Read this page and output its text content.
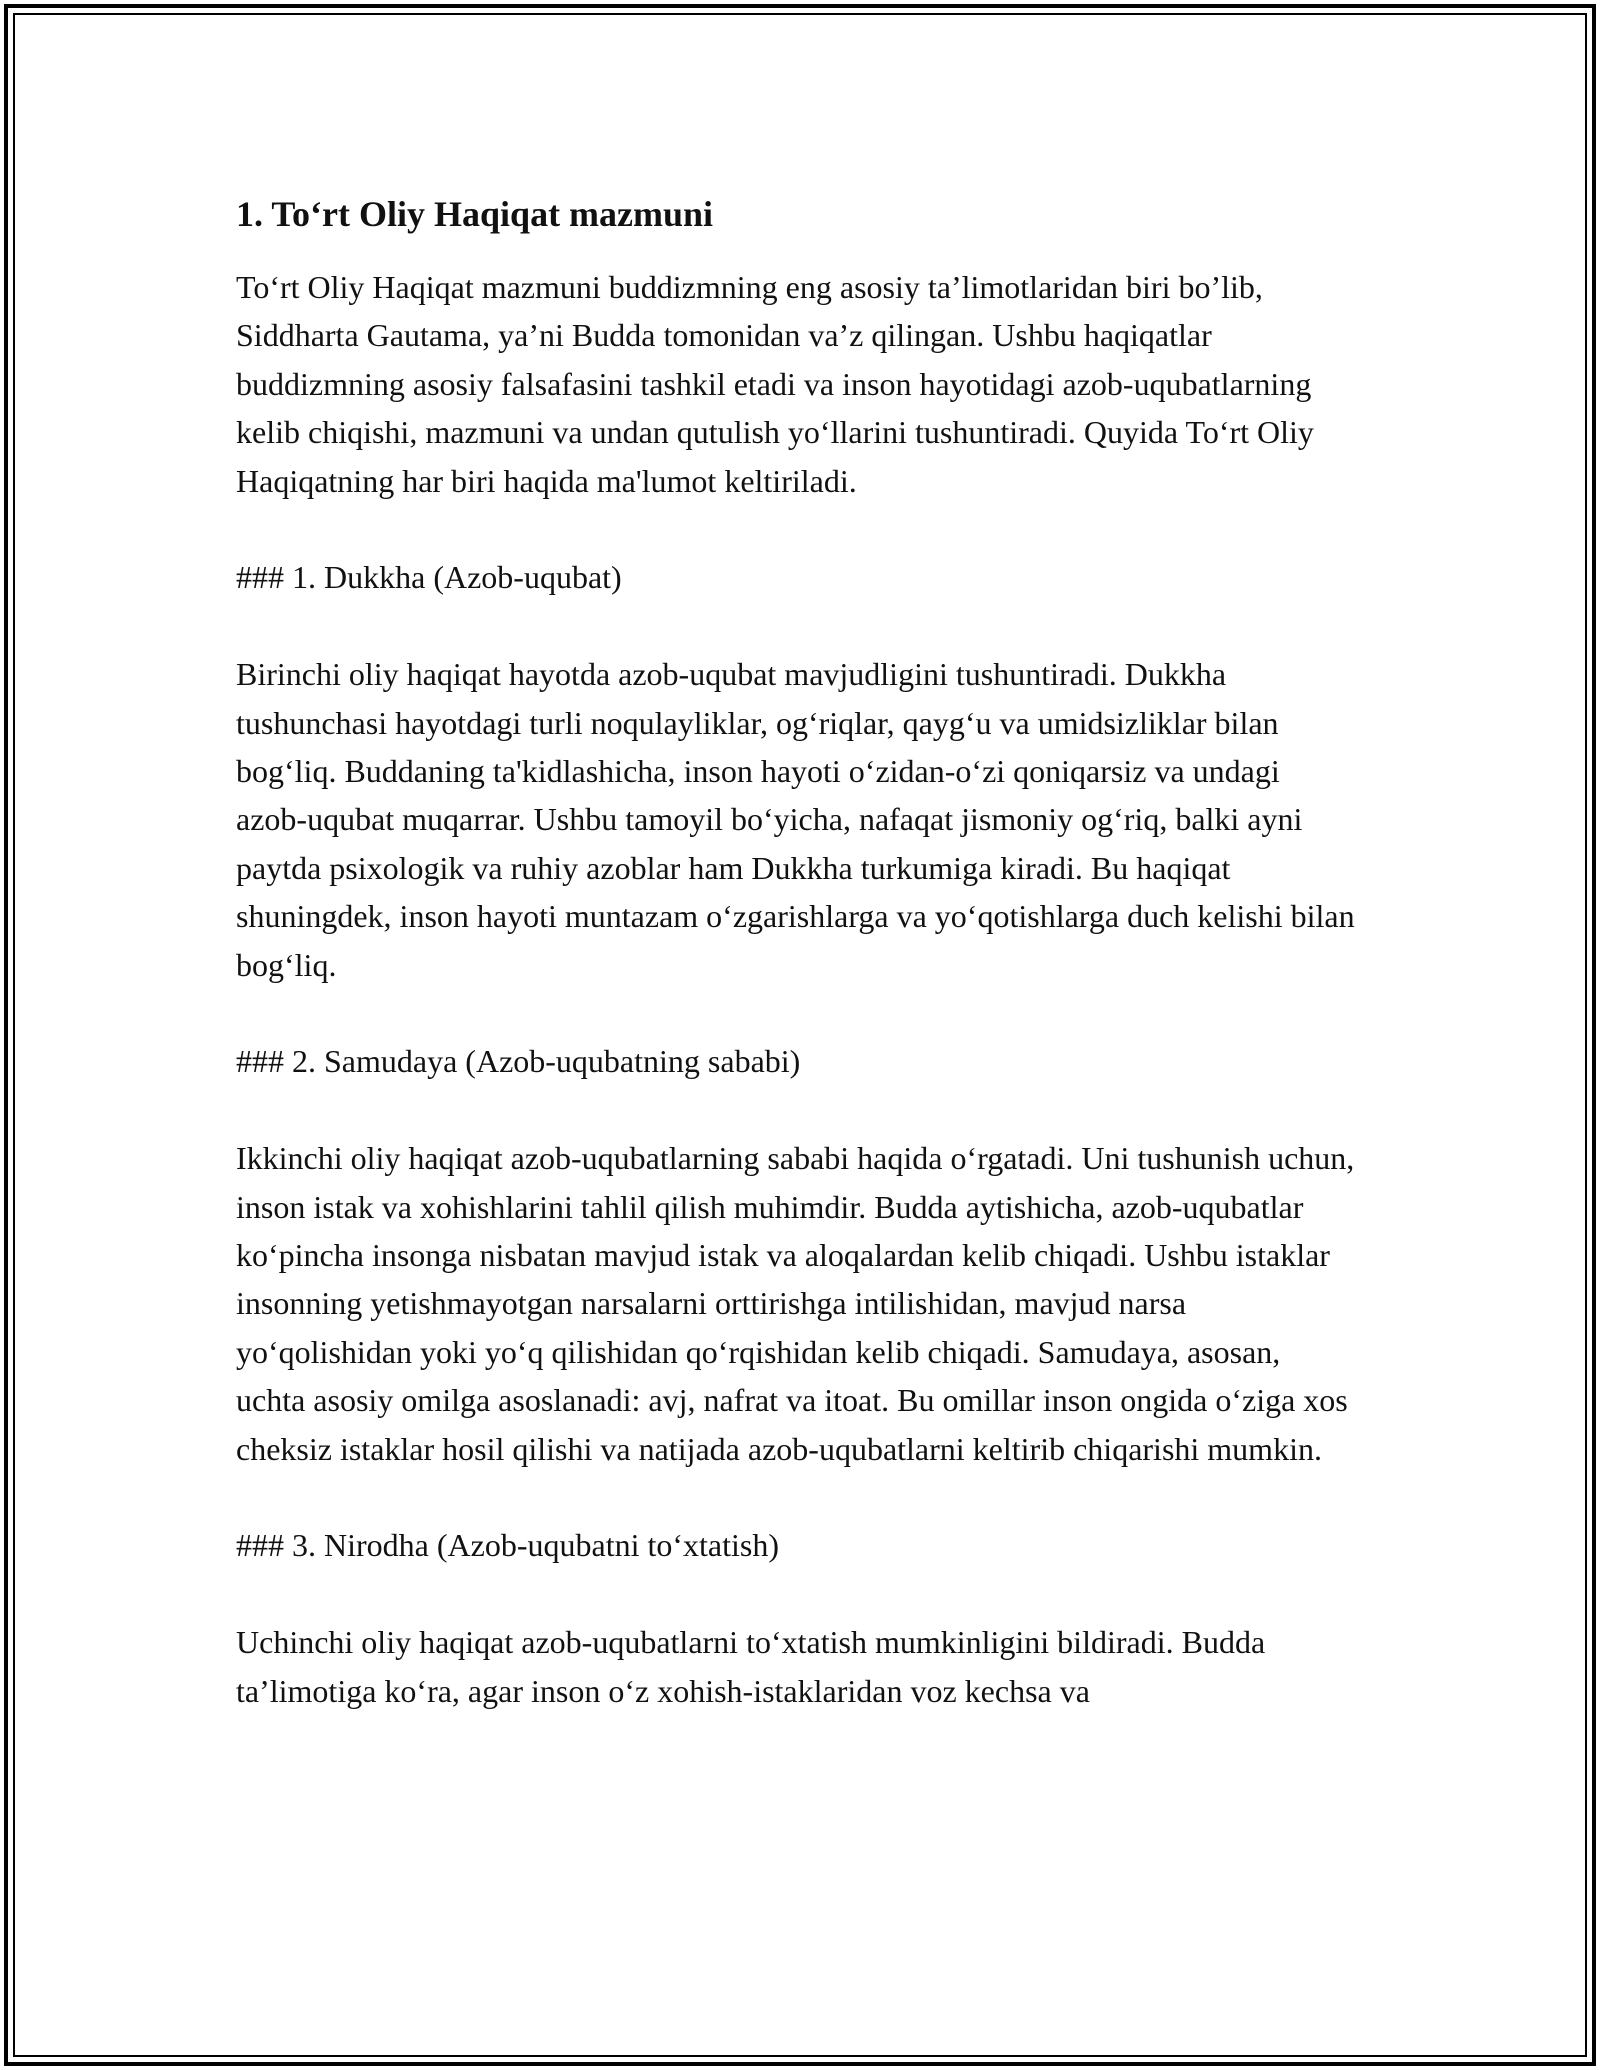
1. To‘rt Oliy Haqiqat mazmuni

To‘rt Oliy Haqiqat mazmuni buddizmning eng asosiy ta’limotlaridan biri bo’lib, Siddharta Gautama, ya’ni Budda tomonidan va’z qilingan. Ushbu haqiqatlar buddizmning asosiy falsafasini tashkil etadi va inson hayotidagi azob-uqubatlarning kelib chiqishi, mazmuni va undan qutulish yo‘llarini tushuntiradi. Quyida To‘rt Oliy Haqiqatning har biri haqida ma'lumot keltiriladi.

### 1. Dukkha (Azob-uqubat)

Birinchi oliy haqiqat hayotda azob-uqubat mavjudligini tushuntiradi. Dukkha tushunchasi hayotdagi turli noqulayliklar, og‘riqlar, qayg‘u va umidsizliklar bilan bog‘liq. Buddaning ta'kidlashicha, inson hayoti o‘zidan-o‘zi qoniqarsiz va undagi azob-uqubat muqarrar. Ushbu tamoyil bo‘yicha, nafaqat jismoniy og‘riq, balki ayni paytda psixologik va ruhiy azoblar ham Dukkha turkumiga kiradi. Bu haqiqat shuningdek, inson hayoti muntazam o‘zgarishlarga va yo‘qotishlarga duch kelishi bilan bog‘liq.

### 2. Samudaya (Azob-uqubatning sababi)

Ikkinchi oliy haqiqat azob-uqubatlarning sababi haqida o‘rgatadi. Uni tushunish uchun, inson istak va xohishlarini tahlil qilish muhimdir. Budda aytishicha, azob-uqubatlar ko‘pincha insonga nisbatan mavjud istak va aloqalardan kelib chiqadi. Ushbu istaklar insonning yetishmayotgan narsalarni orttirishga intilishidan, mavjud narsa yo‘qolishidan yoki yo‘q qilishidan qo‘rqishidan kelib chiqadi. Samudaya, asosan, uchta asosiy omilga asoslanadi: avj, nafrat va itoat. Bu omillar inson ongida o‘ziga xos cheksiz istaklar hosil qilishi va natijada azob-uqubatlarni keltirib chiqarishi mumkin.

### 3. Nirodha (Azob-uqubatni to‘xtatish)

Uchinchi oliy haqiqat azob-uqubatlarni to‘xtatish mumkinligini bildiradi. Budda ta’limotiga ko‘ra, agar inson o‘z xohish-istaklaridan voz kechsa va
